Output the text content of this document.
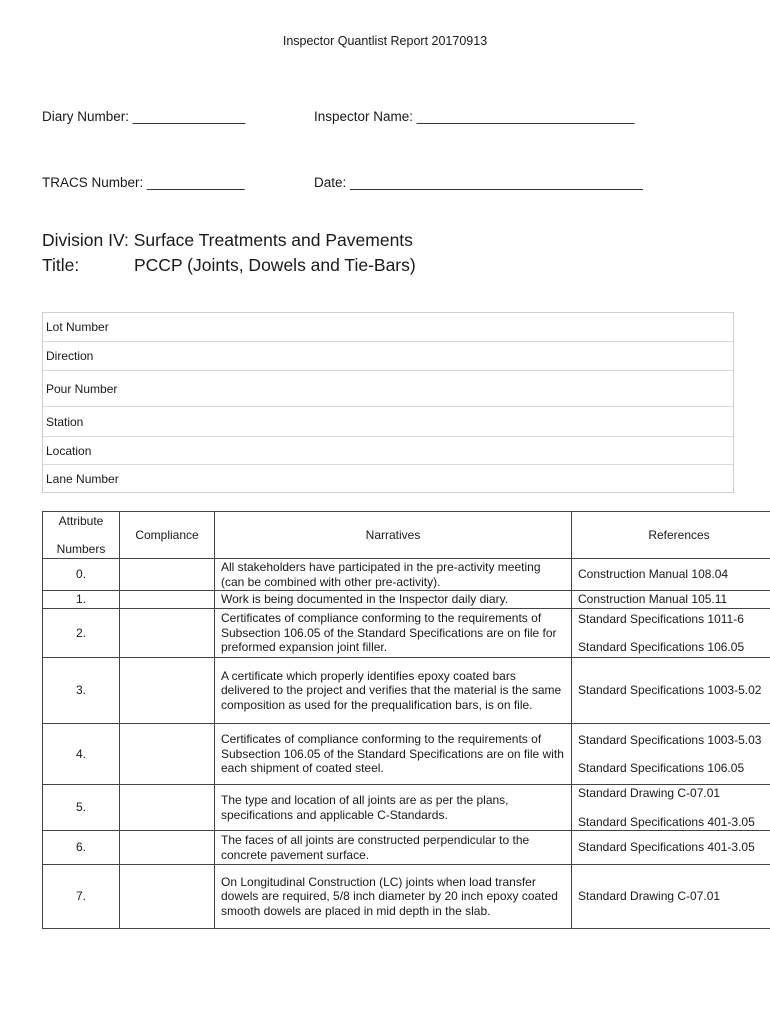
Inspector Quantlist Report 20170913
Diary Number: _______________	Inspector Name: _____________________________
TRACS Number: _____________	Date: _______________________________________
Division IV: Surface Treatments and Pavements
Title:	PCCP (Joints, Dowels and Tie-Bars)
Lot Number
Direction
Pour Number
Station
Location
Lane Number
Attribute
Numbers	Compliance	Narratives	References
0.		All stakeholders have participated in the pre-activity meeting (can be combined with other pre-activity).	Construction Manual 108.04

1.		Work is being documented in the Inspector daily diary.	Construction Manual 105.11

2.		Certificates of compliance conforming to the requirements of Subsection 106.05 of the Standard Specifications are on file for preformed expansion joint filler.	Standard Specifications 1011-6
Standard Specifications 106.05

3.		A certificate which properly identifies epoxy coated bars delivered to the project and verifies that the material is the same composition as used for the prequalification bars, is on file.	Standard Specifications 1003-5.02

4.		Certificates of compliance conforming to the requirements of Subsection 106.05 of the Standard Specifications are on file with each shipment of coated steel.	Standard Specifications 1003-5.03
Standard Specifications 106.05

5.		The type and location of all joints are as per the plans, specifications and applicable C-Standards.	Standard Drawing C-07.01
Standard Specifications 401-3.05

6.		The faces of all joints are constructed perpendicular to the concrete pavement surface.	Standard Specifications 401-3.05

7.		On Longitudinal Construction (LC) joints when load transfer dowels are required, 5/8 inch diameter by 20 inch epoxy coated smooth dowels are placed in mid depth in the slab.	Standard Drawing C-07.01
